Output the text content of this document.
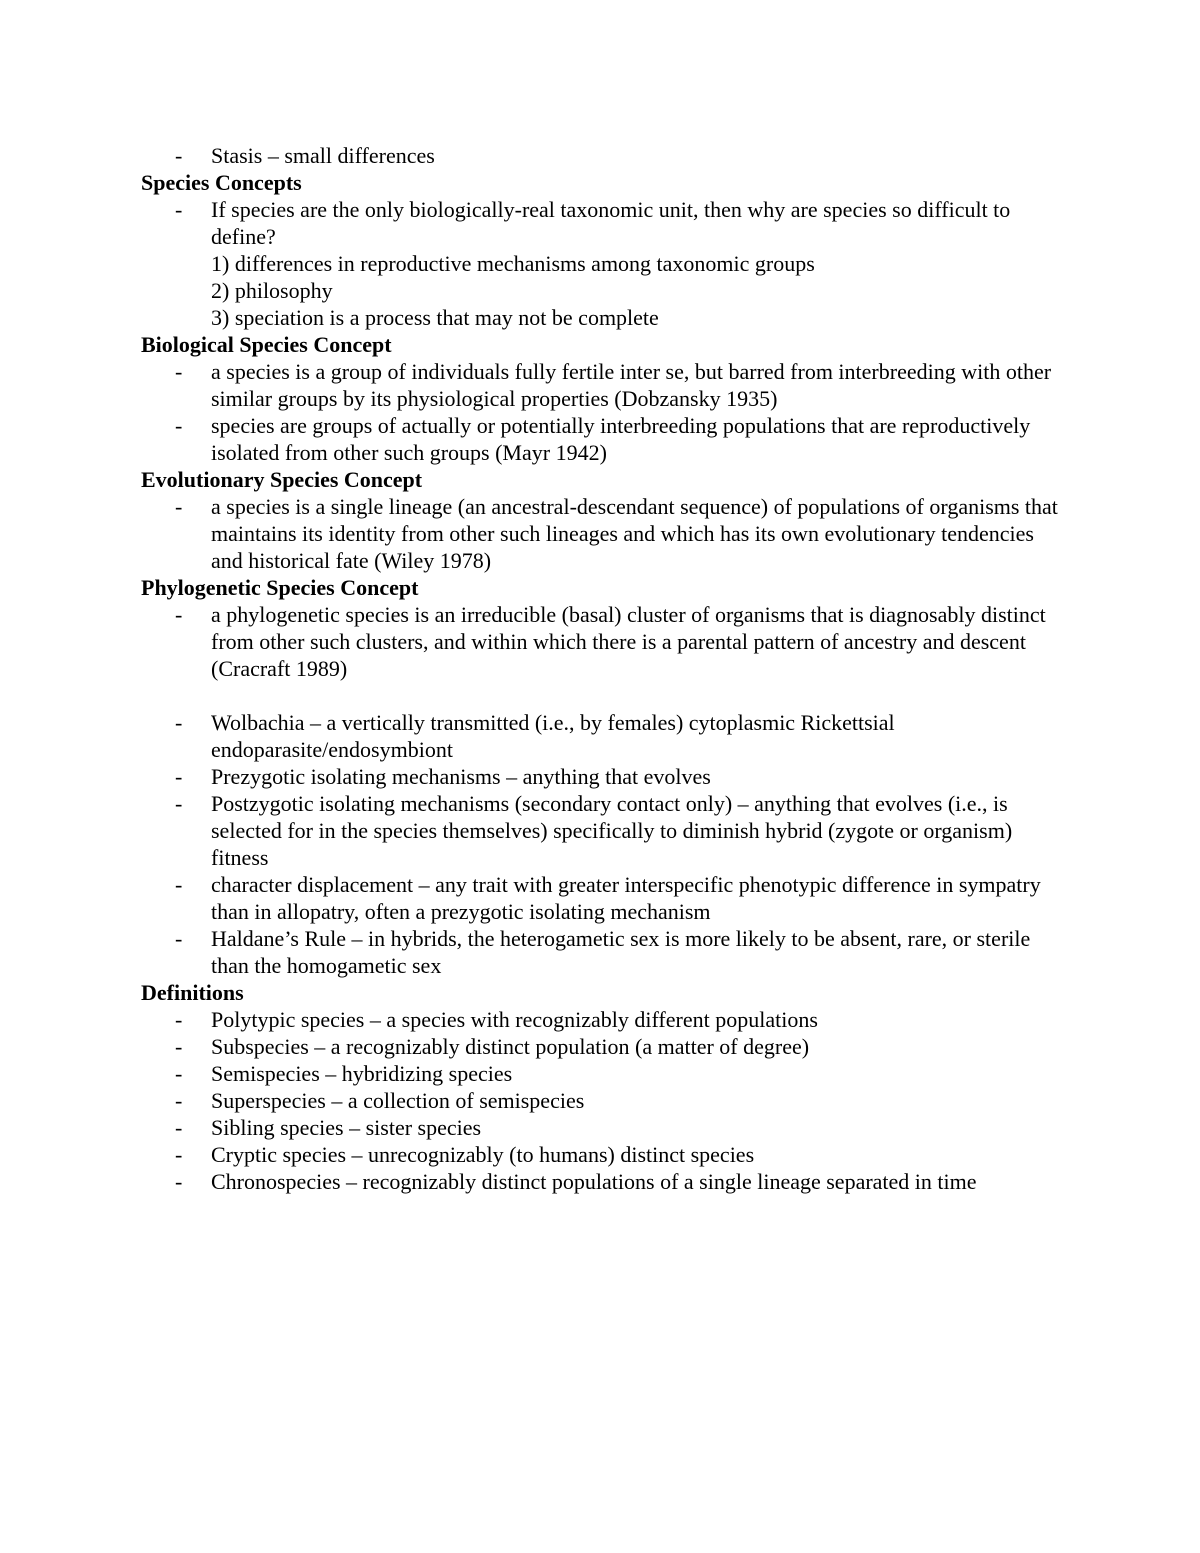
- Stasis – small differences

Species Concepts

- If species are the only biologically-real taxonomic unit, then why are species so difficult to define?

1) differences in reproductive mechanisms among taxonomic groups

2) philosophy

3) speciation is a process that may not be complete

Biological Species Concept

- a species is a group of individuals fully fertile inter se, but barred from interbreeding with other similar groups by its physiological properties (Dobzansky 1935)

- species are groups of actually or potentially interbreeding populations that are reproductively isolated from other such groups (Mayr 1942)

Evolutionary Species Concept

- a species is a single lineage (an ancestral-descendant sequence) of populations of organisms that maintains its identity from other such lineages and which has its own evolutionary tendencies and historical fate (Wiley 1978)

Phylogenetic Species Concept

- a phylogenetic species is an irreducible (basal) cluster of organisms that is diagnosably distinct from other such clusters, and within which there is a parental pattern of ancestry and descent (Cracraft 1989)

- Wolbachia – a vertically transmitted (i.e., by females) cytoplasmic Rickettsial endoparasite/endosymbiont

- Prezygotic isolating mechanisms – anything that evolves

- Postzygotic isolating mechanisms (secondary contact only) – anything that evolves (i.e., is selected for in the species themselves) specifically to diminish hybrid (zygote or organism) fitness

- character displacement – any trait with greater interspecific phenotypic difference in sympatry than in allopatry, often a prezygotic isolating mechanism

- Haldane’s Rule – in hybrids, the heterogametic sex is more likely to be absent, rare, or sterile than the homogametic sex

Definitions

- Polytypic species – a species with recognizably different populations

- Subspecies – a recognizably distinct population (a matter of degree)

- Semispecies – hybridizing species

- Superspecies – a collection of semispecies

- Sibling species – sister species

- Cryptic species – unrecognizably (to humans) distinct species

- Chronospecies – recognizably distinct populations of a single lineage separated in time
